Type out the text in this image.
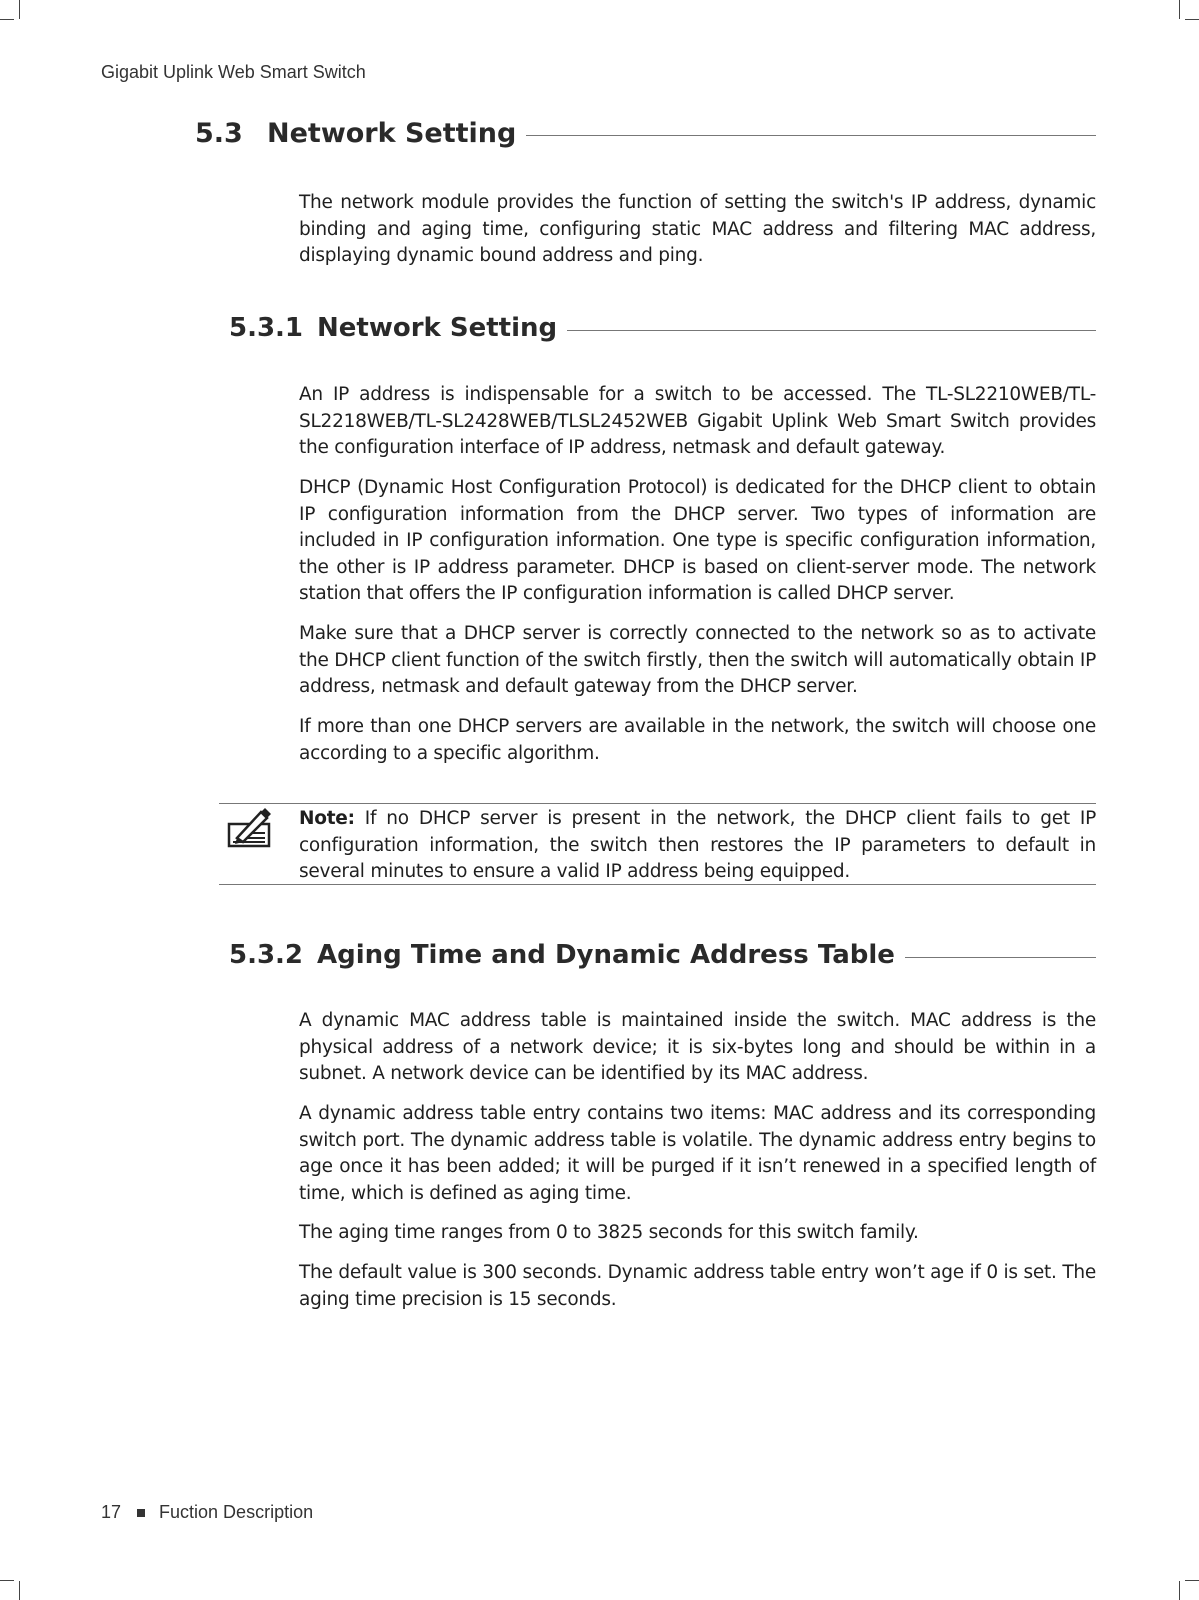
Gigabit Uplink Web Smart Switch
5.3 Network Setting

The network module provides the function of setting the switch's IP address, dynamic binding and aging time, configuring static MAC address and filtering MAC address, displaying dynamic bound address and ping.

5.3.1 Network Setting

An IP address is indispensable for a switch to be accessed. The TL-SL2210WEB/TL-SL2218WEB/TL-SL2428WEB/TLSL2452WEB Gigabit Uplink Web Smart Switch provides the configuration interface of IP address, netmask and default gateway.

DHCP (Dynamic Host Configuration Protocol) is dedicated for the DHCP client to obtain IP configuration information from the DHCP server. Two types of information are included in IP configuration information. One type is specific configuration information, the other is IP address parameter. DHCP is based on client-server mode. The network station that offers the IP configuration information is called DHCP server.

Make sure that a DHCP server is correctly connected to the network so as to activate the DHCP client function of the switch firstly, then the switch will automatically obtain IP address, netmask and default gateway from the DHCP server.

If more than one DHCP servers are available in the network, the switch will choose one according to a specific algorithm.

Note: If no DHCP server is present in the network, the DHCP client fails to get IP configuration information, the switch then restores the IP parameters to default in several minutes to ensure a valid IP address being equipped.

5.3.2 Aging Time and Dynamic Address Table

A dynamic MAC address table is maintained inside the switch. MAC address is the physical address of a network device; it is six-bytes long and should be within in a subnet. A network device can be identified by its MAC address.

A dynamic address table entry contains two items: MAC address and its corresponding switch port. The dynamic address table is volatile. The dynamic address entry begins to age once it has been added; it will be purged if it isn’t renewed in a specified length of time, which is defined as aging time.

The aging time ranges from 0 to 3825 seconds for this switch family.

The default value is 300 seconds. Dynamic address table entry won’t age if 0 is set. The aging time precision is 15 seconds.

17 Fuction Description
